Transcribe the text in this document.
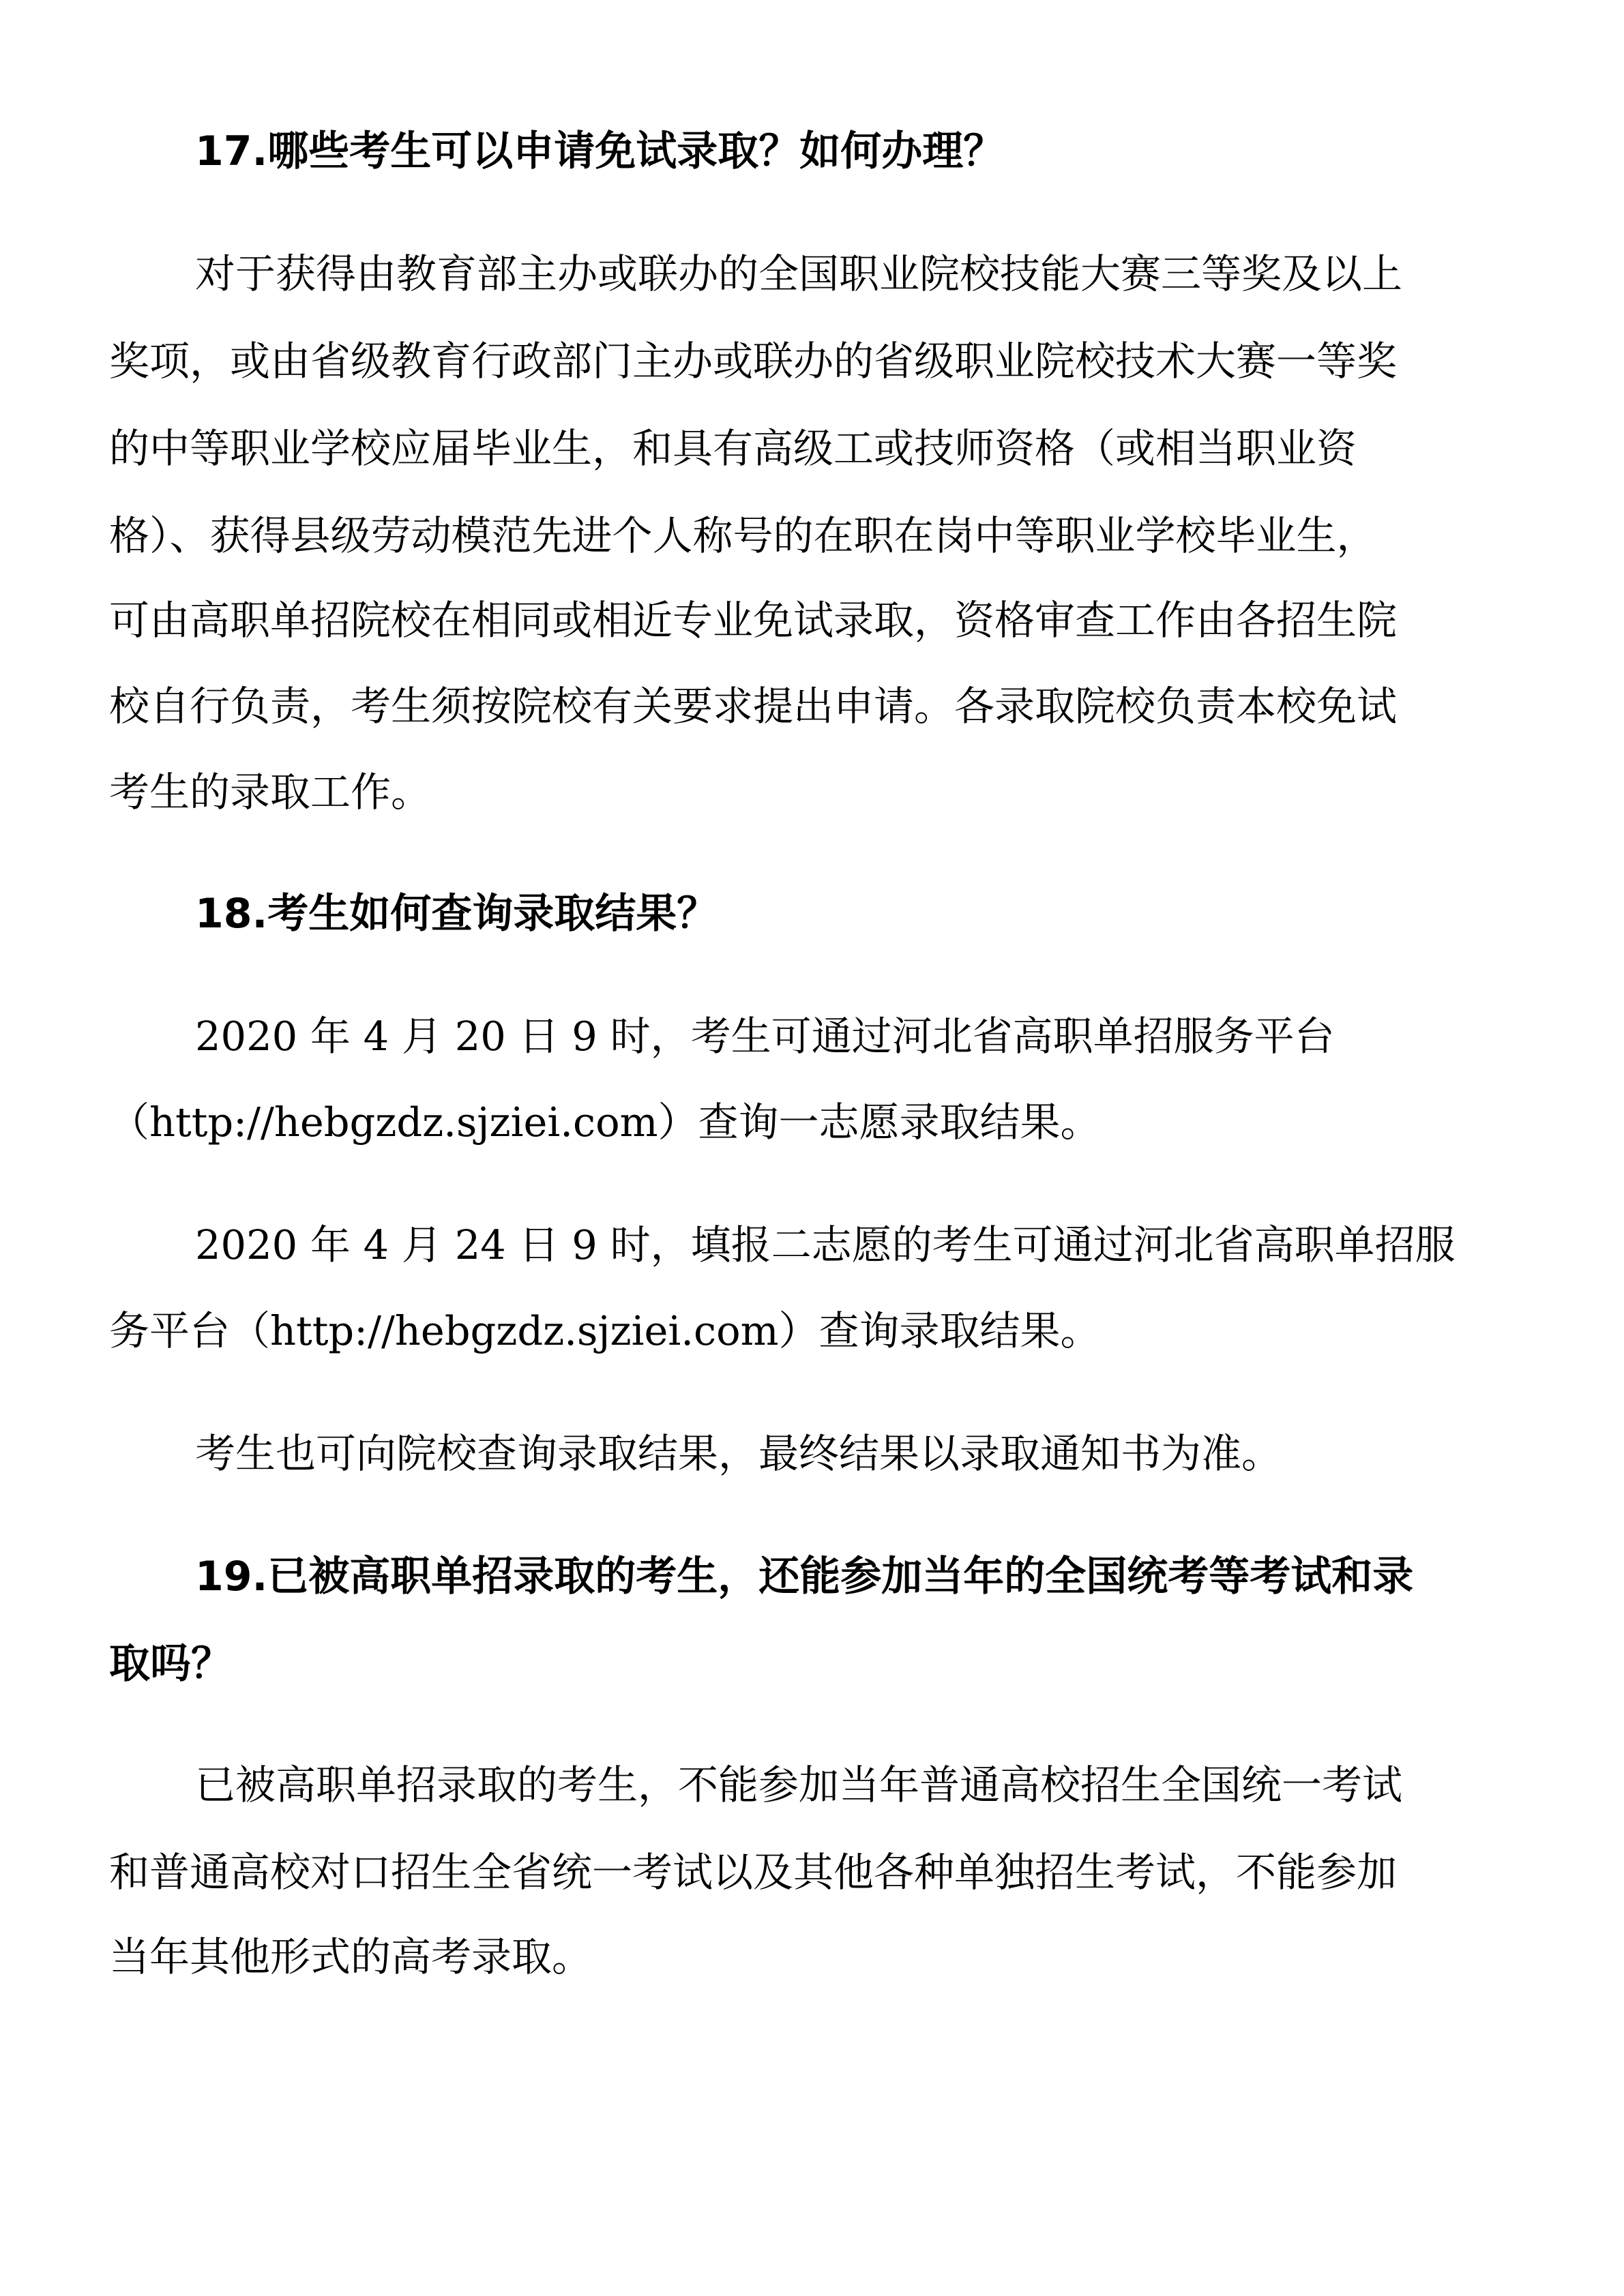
17.哪些考生可以申请免试录取？如何办理？
对于获得由教育部主办或联办的全国职业院校技能大赛三等奖及以上
奖项，或由省级教育行政部门主办或联办的省级职业院校技术大赛一等奖
的中等职业学校应届毕业生，和具有高级工或技师资格（或相当职业资
格）、获得县级劳动模范先进个人称号的在职在岗中等职业学校毕业生，
可由高职单招院校在相同或相近专业免试录取，资格审查工作由各招生院
校自行负责，考生须按院校有关要求提出申请。各录取院校负责本校免试
考生的录取工作。
18.考生如何查询录取结果？
2020 年 4 月 20 日 9 时，考生可通过河北省高职单招服务平台
（http://hebgzdz.sjziei.com）查询一志愿录取结果。
2020 年 4 月 24 日 9 时，填报二志愿的考生可通过河北省高职单招服
务平台（http://hebgzdz.sjziei.com）查询录取结果。
考生也可向院校查询录取结果，最终结果以录取通知书为准。
19.已被高职单招录取的考生，还能参加当年的全国统考等考试和录
取吗？
已被高职单招录取的考生，不能参加当年普通高校招生全国统一考试
和普通高校对口招生全省统一考试以及其他各种单独招生考试，不能参加
当年其他形式的高考录取。
